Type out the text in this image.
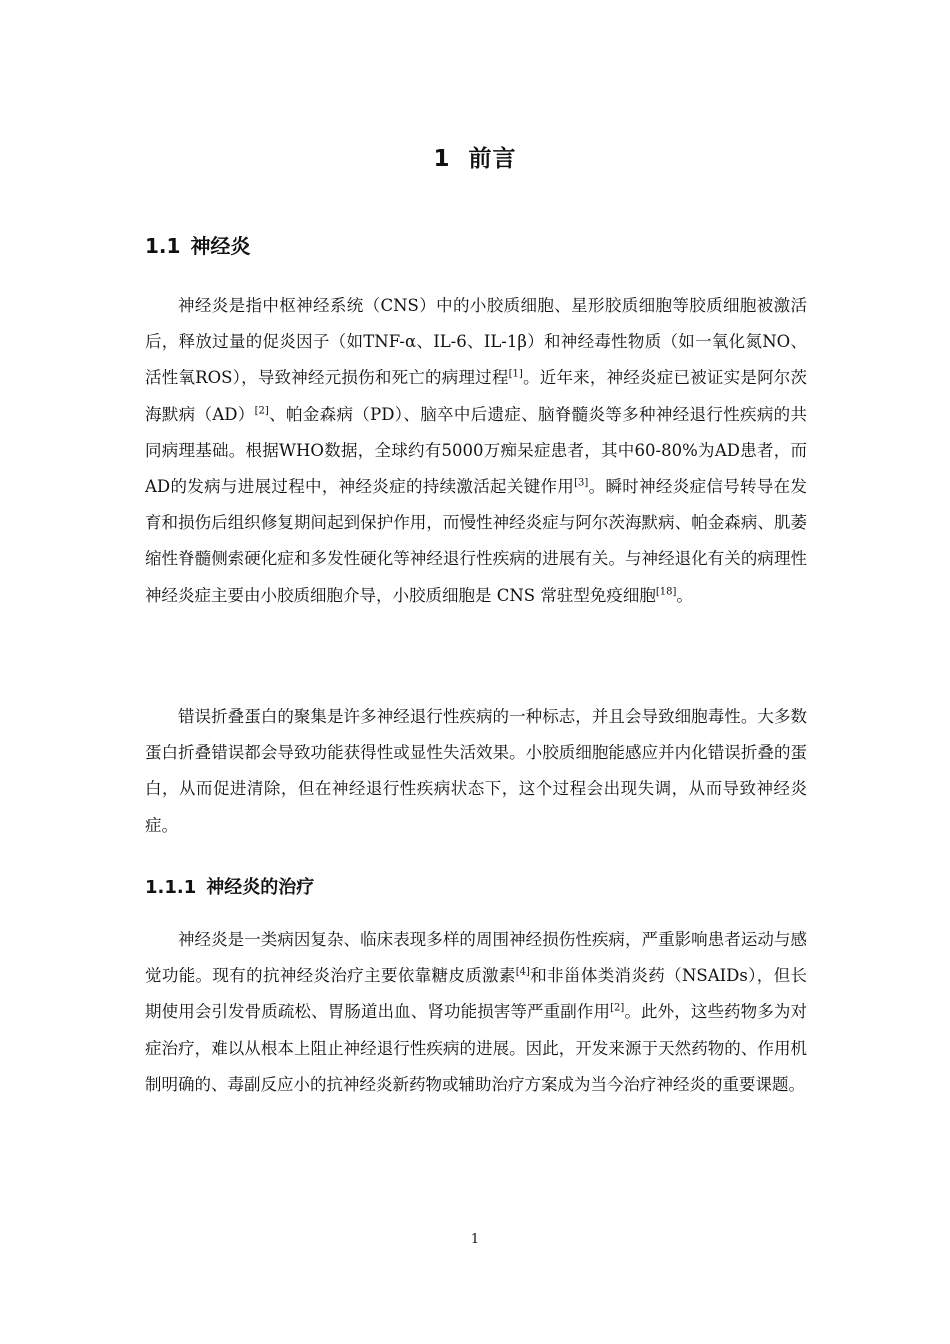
1 前言
1.1 神经炎

神经炎是指中枢神经系统（CNS）中的小胶质细胞、星形胶质细胞等胶质细胞被激活后，释放过量的促炎因子（如TNF-α、IL-6、IL-1β）和神经毒性物质（如一氧化氮NO、活性氧ROS），导致神经元损伤和死亡的病理过程[1]。近年来，神经炎症已被证实是阿尔茨海默病（AD）[2]、帕金森病（PD）、脑卒中后遗症、脑脊髓炎等多种神经退行性疾病的共同病理基础。根据WHO数据，全球约有5000万痴呆症患者，其中60-80%为AD患者，而AD的发病与进展过程中，神经炎症的持续激活起关键作用[3]。瞬时神经炎症信号转导在发育和损伤后组织修复期间起到保护作用，而慢性神经炎症与阿尔茨海默病、帕金森病、肌萎缩性脊髓侧索硬化症和多发性硬化等神经退行性疾病的进展有关。与神经退化有关的病理性神经炎症主要由小胶质细胞介导，小胶质细胞是 CNS 常驻型免疫细胞[18]。

错误折叠蛋白的聚集是许多神经退行性疾病的一种标志，并且会导致细胞毒性。大多数蛋白折叠错误都会导致功能获得性或显性失活效果。小胶质细胞能感应并内化错误折叠的蛋白，从而促进清除，但在神经退行性疾病状态下，这个过程会出现失调，从而导致神经炎症。

1.1.1 神经炎的治疗

神经炎是一类病因复杂、临床表现多样的周围神经损伤性疾病，严重影响患者运动与感觉功能。现有的抗神经炎治疗主要依靠糖皮质激素[4]和非甾体类消炎药（NSAIDs），但长期使用会引发骨质疏松、胃肠道出血、肾功能损害等严重副作用[2]。此外，这些药物多为对症治疗，难以从根本上阻止神经退行性疾病的进展。因此，开发来源于天然药物的、作用机制明确的、毒副反应小的抗神经炎新药物或辅助治疗方案成为当今治疗神经炎的重要课题。

1
